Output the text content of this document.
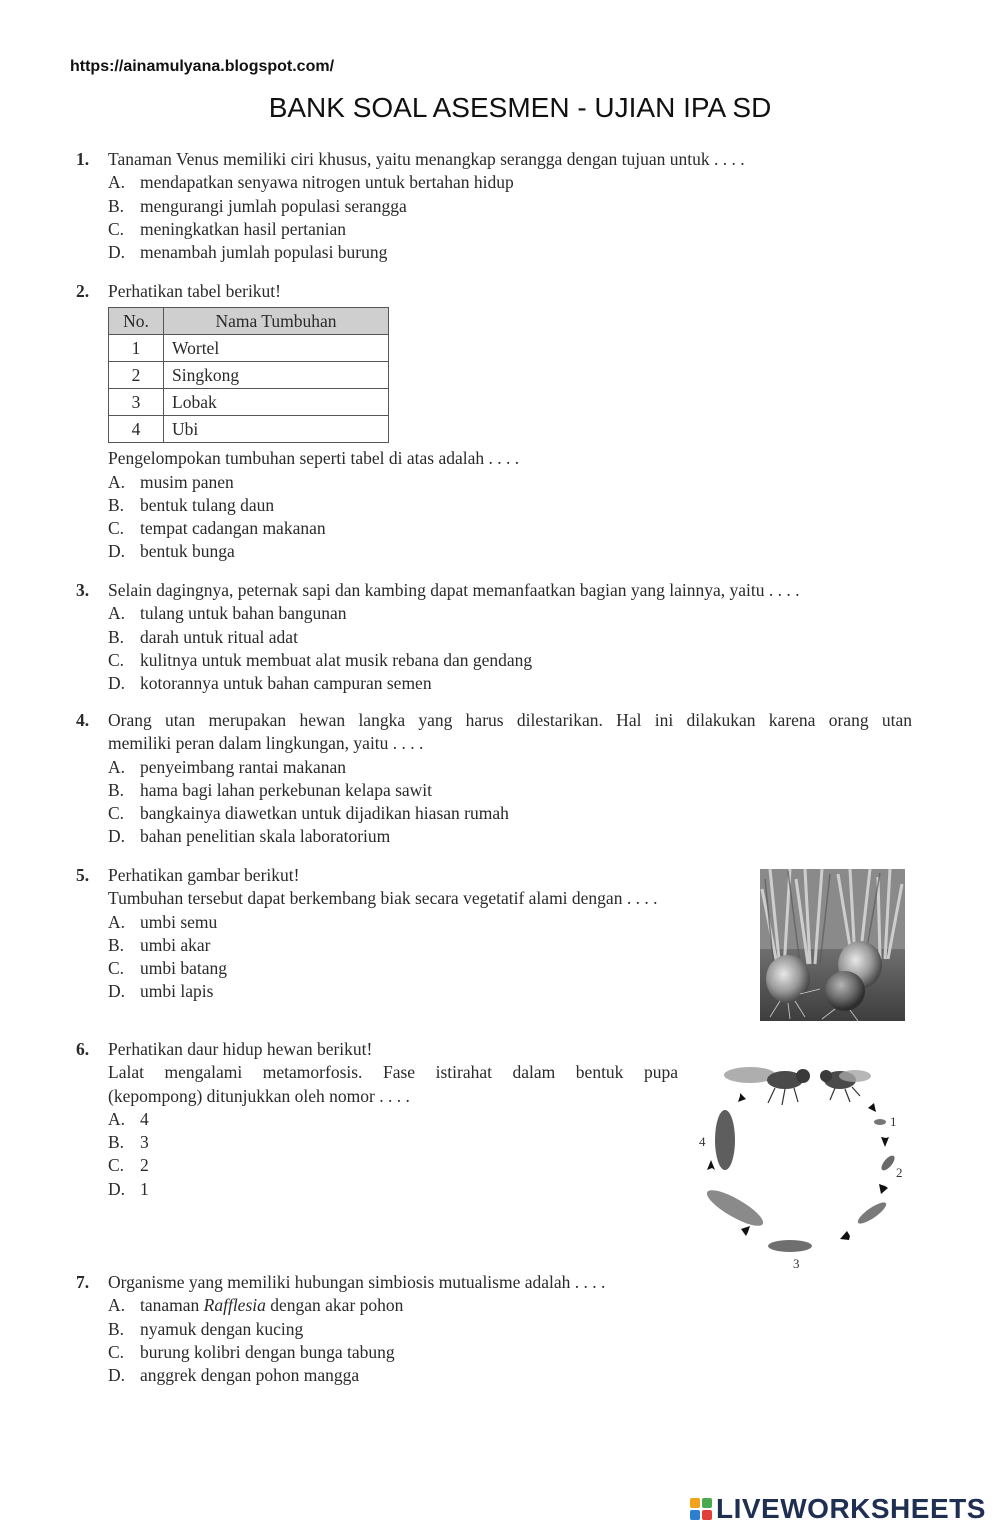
https://ainamulyana.blogspot.com/
BANK SOAL ASESMEN - UJIAN IPA SD
1. Tanaman Venus memiliki ciri khusus, yaitu menangkap serangga dengan tujuan untuk . . . .
A. mendapatkan senyawa nitrogen untuk bertahan hidup
B. mengurangi jumlah populasi serangga
C. meningkatkan hasil pertanian
D. menambah jumlah populasi burung
2. Perhatikan tabel berikut!
No.	Nama Tumbuhan
1	Wortel
2	Singkong
3	Lobak
4	Ubi
Pengelompokan tumbuhan seperti tabel di atas adalah . . . .
A. musim panen
B. bentuk tulang daun
C. tempat cadangan makanan
D. bentuk bunga
3. Selain dagingnya, peternak sapi dan kambing dapat memanfaatkan bagian yang lainnya, yaitu . . . .
A. tulang untuk bahan bangunan
B. darah untuk ritual adat
C. kulitnya untuk membuat alat musik rebana dan gendang
D. kotorannya untuk bahan campuran semen
4. Orang utan merupakan hewan langka yang harus dilestarikan. Hal ini dilakukan karena orang utan
memiliki peran dalam lingkungan, yaitu . . . .
A. penyeimbang rantai makanan
B. hama bagi lahan perkebunan kelapa sawit
C. bangkainya diawetkan untuk dijadikan hiasan rumah
D. bahan penelitian skala laboratorium
5. Perhatikan gambar berikut!
Tumbuhan tersebut dapat berkembang biak secara vegetatif alami dengan . . . .
A. umbi semu
B. umbi akar
C. umbi batang
D. umbi lapis
6. Perhatikan daur hidup hewan berikut!
Lalat mengalami metamorfosis. Fase istirahat dalam bentuk pupa
(kepompong) ditunjukkan oleh nomor . . . .
A. 4
B. 3
C. 2
D. 1
1
2
3
4
7. Organisme yang memiliki hubungan simbiosis mutualisme adalah . . . .
A. tanaman Rafflesia dengan akar pohon
B. nyamuk dengan kucing
C. burung kolibri dengan bunga tabung
D. anggrek dengan pohon mangga
LIVEWORKSHEETS
